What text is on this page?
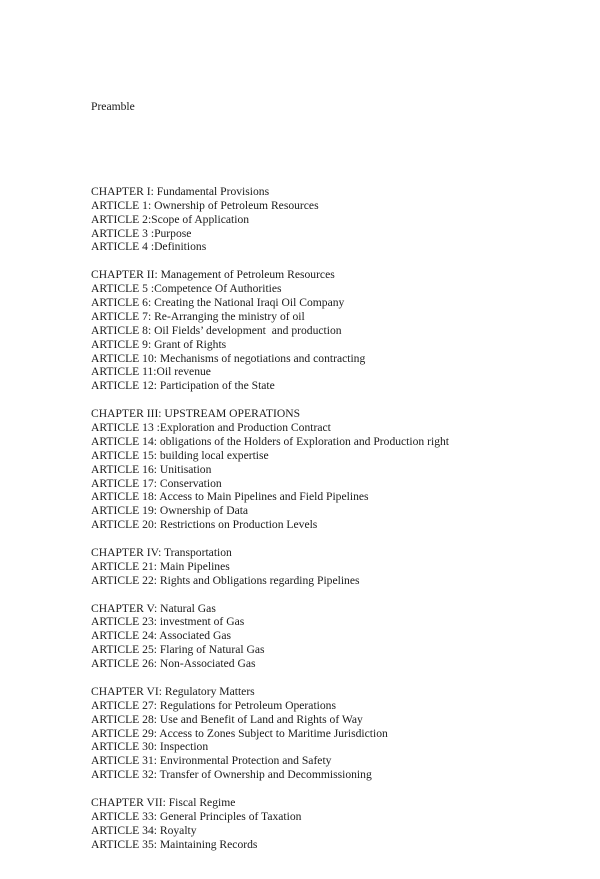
Preamble

CHAPTER I: Fundamental Provisions
ARTICLE 1: Ownership of Petroleum Resources
ARTICLE 2:Scope of Application
ARTICLE 3 :Purpose
ARTICLE 4 :Definitions
CHAPTER II: Management of Petroleum Resources
ARTICLE 5 :Competence Of Authorities
ARTICLE 6: Creating the National Iraqi Oil Company
ARTICLE 7: Re-Arranging the ministry of oil
ARTICLE 8: Oil Fields’ development  and production
ARTICLE 9: Grant of Rights
ARTICLE 10: Mechanisms of negotiations and contracting
ARTICLE 11:Oil revenue
ARTICLE 12: Participation of the State
CHAPTER III: UPSTREAM OPERATIONS
ARTICLE 13 :Exploration and Production Contract
ARTICLE 14: obligations of the Holders of Exploration and Production right
ARTICLE 15: building local expertise
ARTICLE 16: Unitisation
ARTICLE 17: Conservation
ARTICLE 18: Access to Main Pipelines and Field Pipelines
ARTICLE 19: Ownership of Data
ARTICLE 20: Restrictions on Production Levels
CHAPTER IV: Transportation
ARTICLE 21: Main Pipelines
ARTICLE 22: Rights and Obligations regarding Pipelines
CHAPTER V: Natural Gas
ARTICLE 23: investment of Gas
ARTICLE 24: Associated Gas
ARTICLE 25: Flaring of Natural Gas
ARTICLE 26: Non-Associated Gas
CHAPTER VI: Regulatory Matters
ARTICLE 27: Regulations for Petroleum Operations
ARTICLE 28: Use and Benefit of Land and Rights of Way
ARTICLE 29: Access to Zones Subject to Maritime Jurisdiction
ARTICLE 30: Inspection
ARTICLE 31: Environmental Protection and Safety
ARTICLE 32: Transfer of Ownership and Decommissioning
CHAPTER VII: Fiscal Regime
ARTICLE 33: General Principles of Taxation
ARTICLE 34: Royalty
ARTICLE 35: Maintaining Records
